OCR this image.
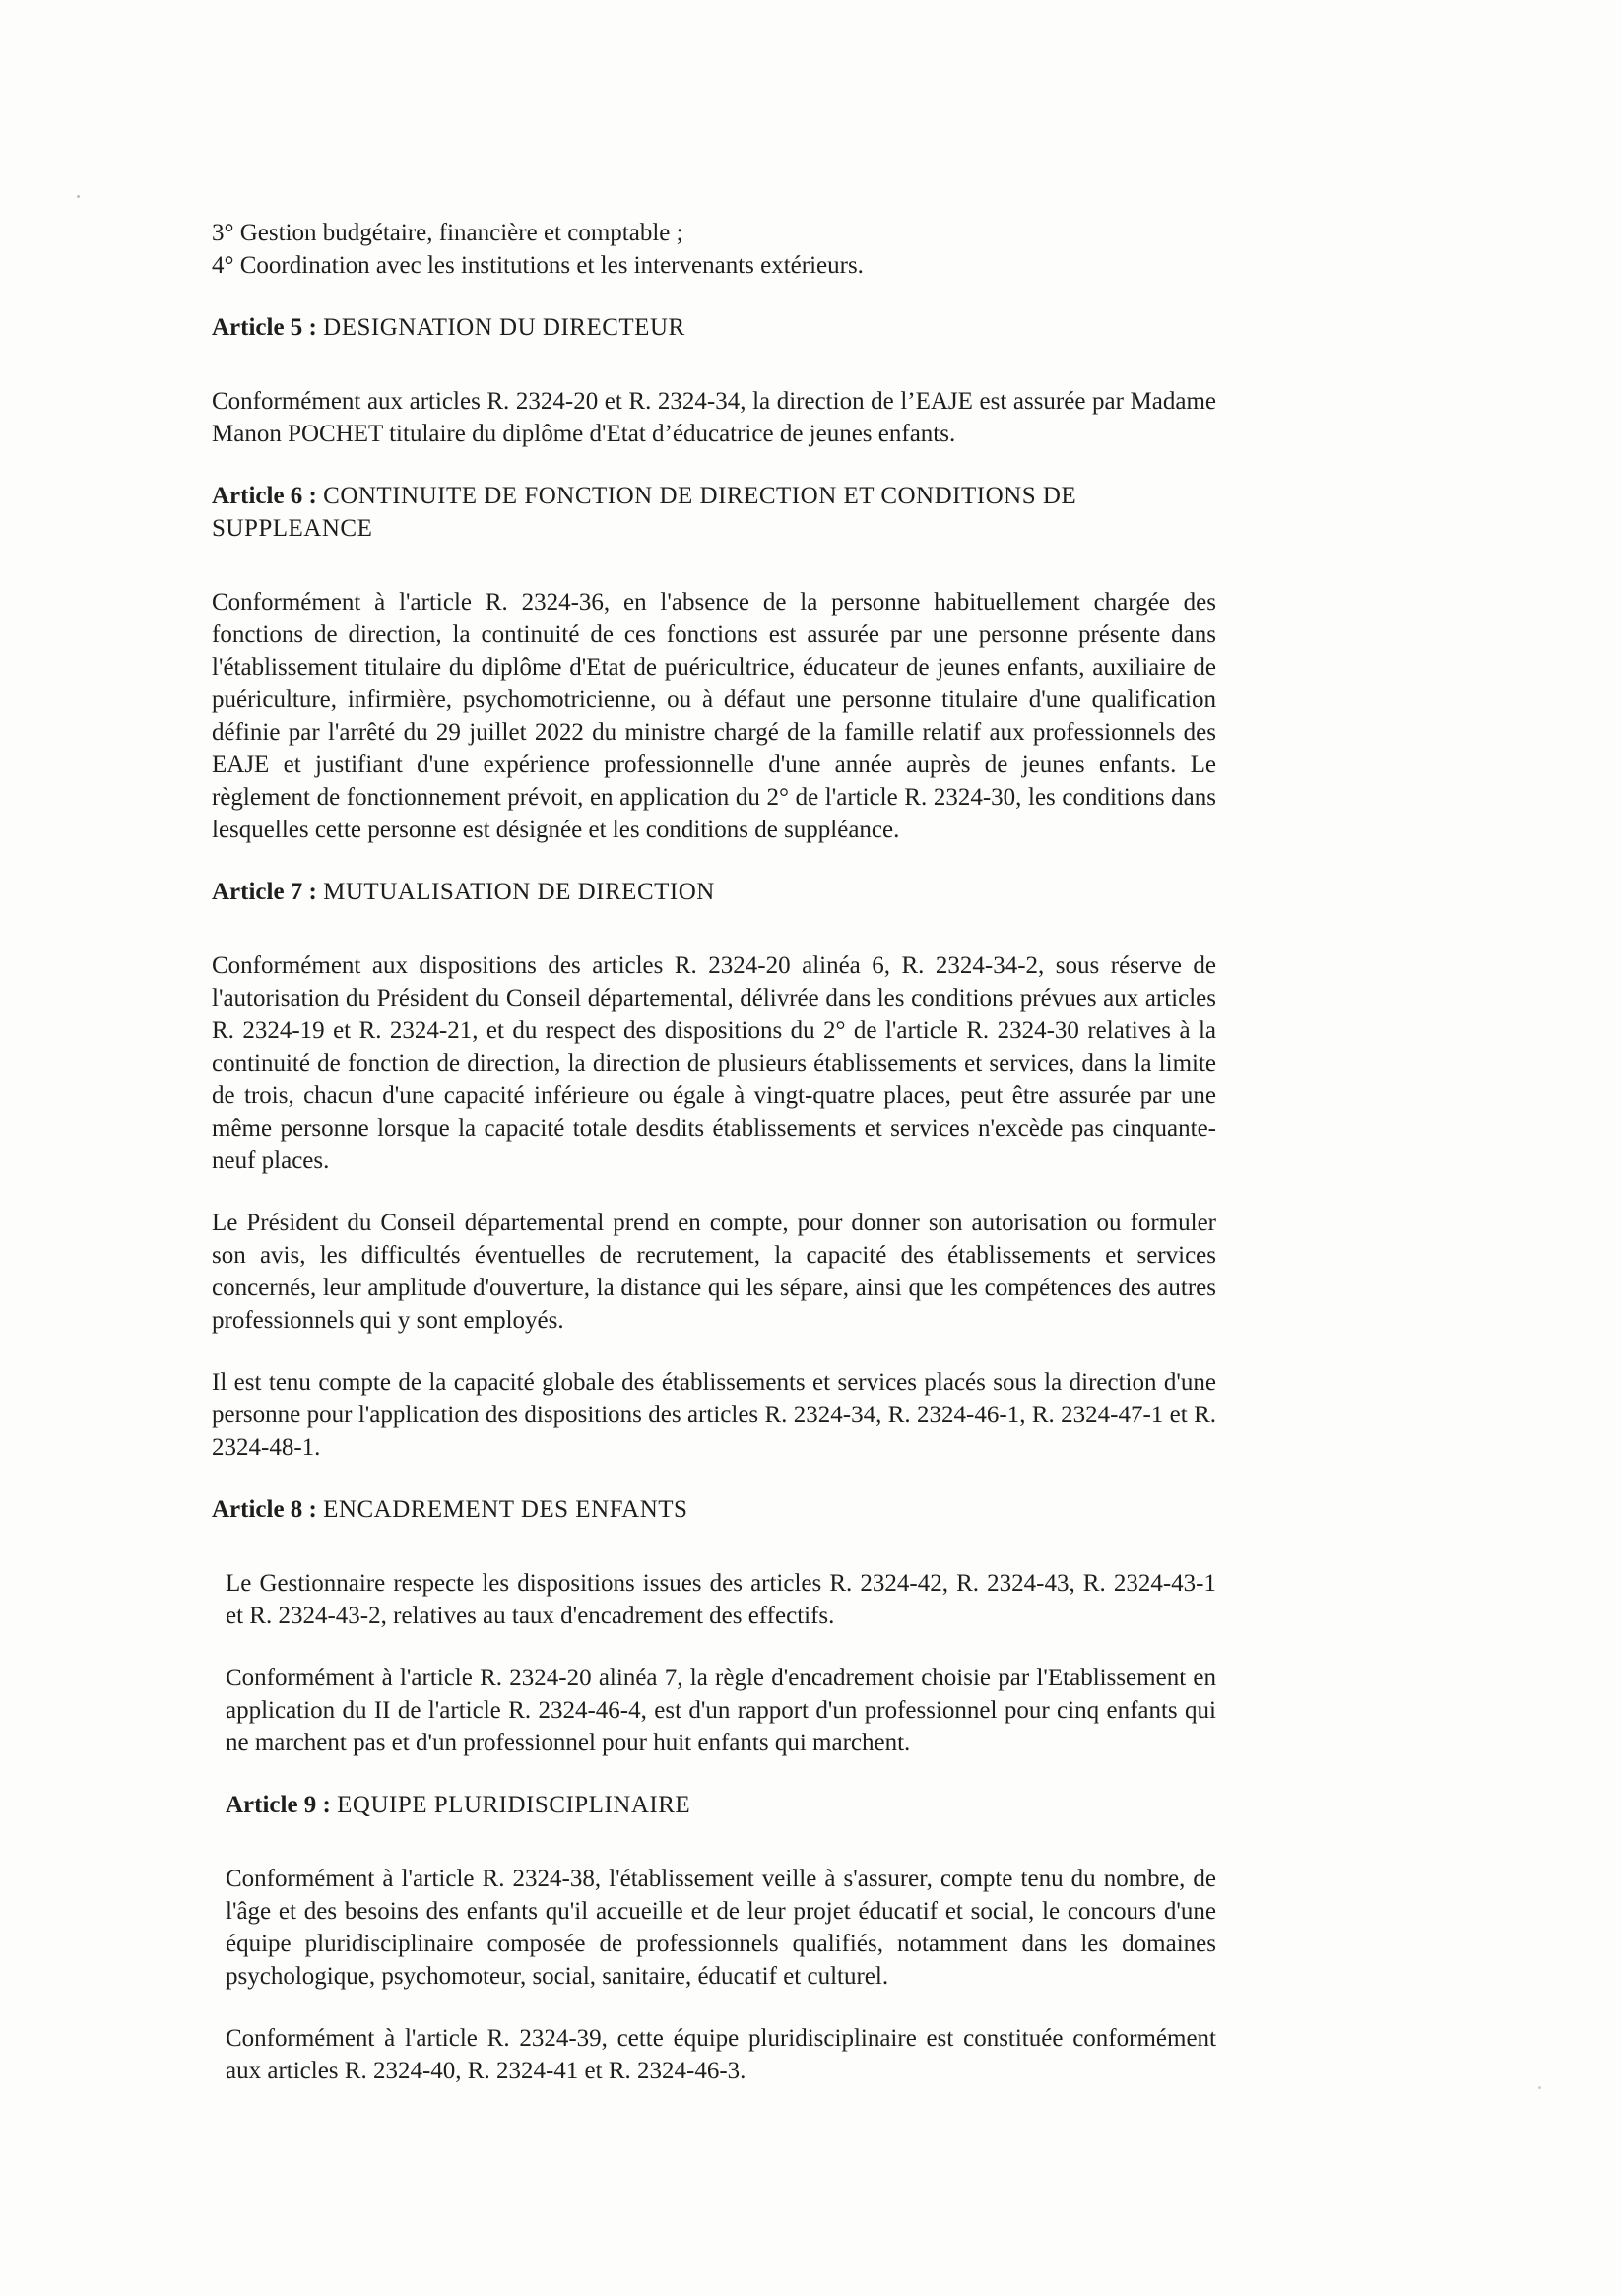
3° Gestion budgétaire, financière et comptable ;

4° Coordination avec les institutions et les intervenants extérieurs.

Article 5 : DESIGNATION DU DIRECTEUR

Conformément aux articles R. 2324-20 et R. 2324-34, la direction de l’EAJE est assurée par Madame Manon POCHET titulaire du diplôme d'Etat d’éducatrice de jeunes enfants.

Article 6 : CONTINUITE DE FONCTION DE DIRECTION ET CONDITIONS DE SUPPLEANCE

Conformément à l'article R. 2324-36, en l'absence de la personne habituellement chargée des fonctions de direction, la continuité de ces fonctions est assurée par une personne présente dans l'établissement titulaire du diplôme d'Etat de puéricultrice, éducateur de jeunes enfants, auxiliaire de puériculture, infirmière, psychomotricienne, ou à défaut une personne titulaire d'une qualification définie par l'arrêté du 29 juillet 2022 du ministre chargé de la famille relatif aux professionnels des EAJE et justifiant d'une expérience professionnelle d'une année auprès de jeunes enfants. Le règlement de fonctionnement prévoit, en application du 2° de l'article R. 2324-30, les conditions dans lesquelles cette personne est désignée et les conditions de suppléance.

Article 7 : MUTUALISATION DE DIRECTION

Conformément aux dispositions des articles R. 2324-20 alinéa 6, R. 2324-34-2, sous réserve de l'autorisation du Président du Conseil départemental, délivrée dans les conditions prévues aux articles R. 2324-19 et R. 2324-21, et du respect des dispositions du 2° de l'article R. 2324-30 relatives à la continuité de fonction de direction, la direction de plusieurs établissements et services, dans la limite de trois, chacun d'une capacité inférieure ou égale à vingt-quatre places, peut être assurée par une même personne lorsque la capacité totale desdits établissements et services n'excède pas cinquante-neuf places.

Le Président du Conseil départemental prend en compte, pour donner son autorisation ou formuler son avis, les difficultés éventuelles de recrutement, la capacité des établissements et services concernés, leur amplitude d'ouverture, la distance qui les sépare, ainsi que les compétences des autres professionnels qui y sont employés.

Il est tenu compte de la capacité globale des établissements et services placés sous la direction d'une personne pour l'application des dispositions des articles R. 2324-34, R. 2324-46-1, R. 2324-47-1 et R. 2324-48-1.

Article 8 : ENCADREMENT DES ENFANTS

Le Gestionnaire respecte les dispositions issues des articles R. 2324-42, R. 2324-43, R. 2324-43-1 et R. 2324-43-2, relatives au taux d'encadrement des effectifs.

Conformément à l'article R. 2324-20 alinéa 7, la règle d'encadrement choisie par l'Etablissement en application du II de l'article R. 2324-46-4, est d'un rapport d'un professionnel pour cinq enfants qui ne marchent pas et d'un professionnel pour huit enfants qui marchent.

Article 9 : EQUIPE PLURIDISCIPLINAIRE

Conformément à l'article R. 2324-38, l'établissement veille à s'assurer, compte tenu du nombre, de l'âge et des besoins des enfants qu'il accueille et de leur projet éducatif et social, le concours d'une équipe pluridisciplinaire composée de professionnels qualifiés, notamment dans les domaines psychologique, psychomoteur, social, sanitaire, éducatif et culturel.

Conformément à l'article R. 2324-39, cette équipe pluridisciplinaire est constituée conformément aux articles R. 2324-40, R. 2324-41 et R. 2324-46-3.
